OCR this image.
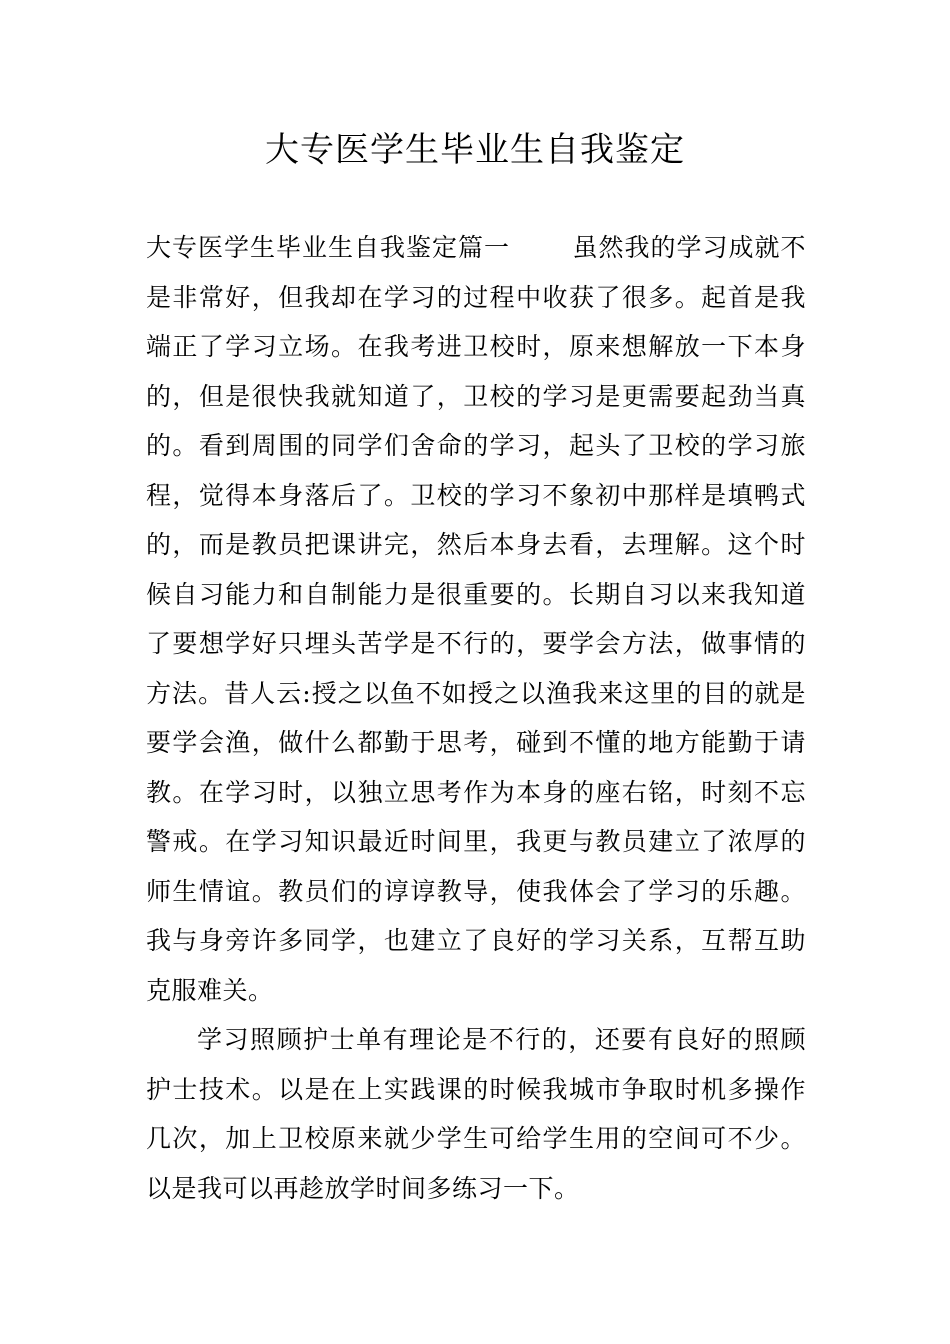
大专医学生毕业生自我鉴定

大专医学生毕业生自我鉴定篇一 虽然我的学习成就不是非常好，但我却在学习的过程中收获了很多。起首是我端正了学习立场。在我考进卫校时，原来想解放一下本身的，但是很快我就知道了，卫校的学习是更需要起劲当真的。看到周围的同学们舍命的学习，起头了卫校的学习旅程，觉得本身落后了。卫校的学习不象初中那样是填鸭式的，而是教员把课讲完，然后本身去看，去理解。这个时候自习能力和自制能力是很重要的。长期自习以来我知道了要想学好只埋头苦学是不行的，要学会方法，做事情的方法。昔人云:授之以鱼不如授之以渔我来这里的目的就是要学会渔，做什么都勤于思考，碰到不懂的地方能勤于请教。在学习时，以独立思考作为本身的座右铭，时刻不忘警戒。在学习知识最近时间里，我更与教员建立了浓厚的师生情谊。教员们的谆谆教导，使我体会了学习的乐趣。我与身旁许多同学，也建立了良好的学习关系，互帮互助克服难关。

学习照顾护士单有理论是不行的，还要有良好的照顾护士技术。以是在上实践课的时候我城市争取时机多操作几次，加上卫校原来就少学生可给学生用的空间可不少。以是我可以再趁放学时间多练习一下。
